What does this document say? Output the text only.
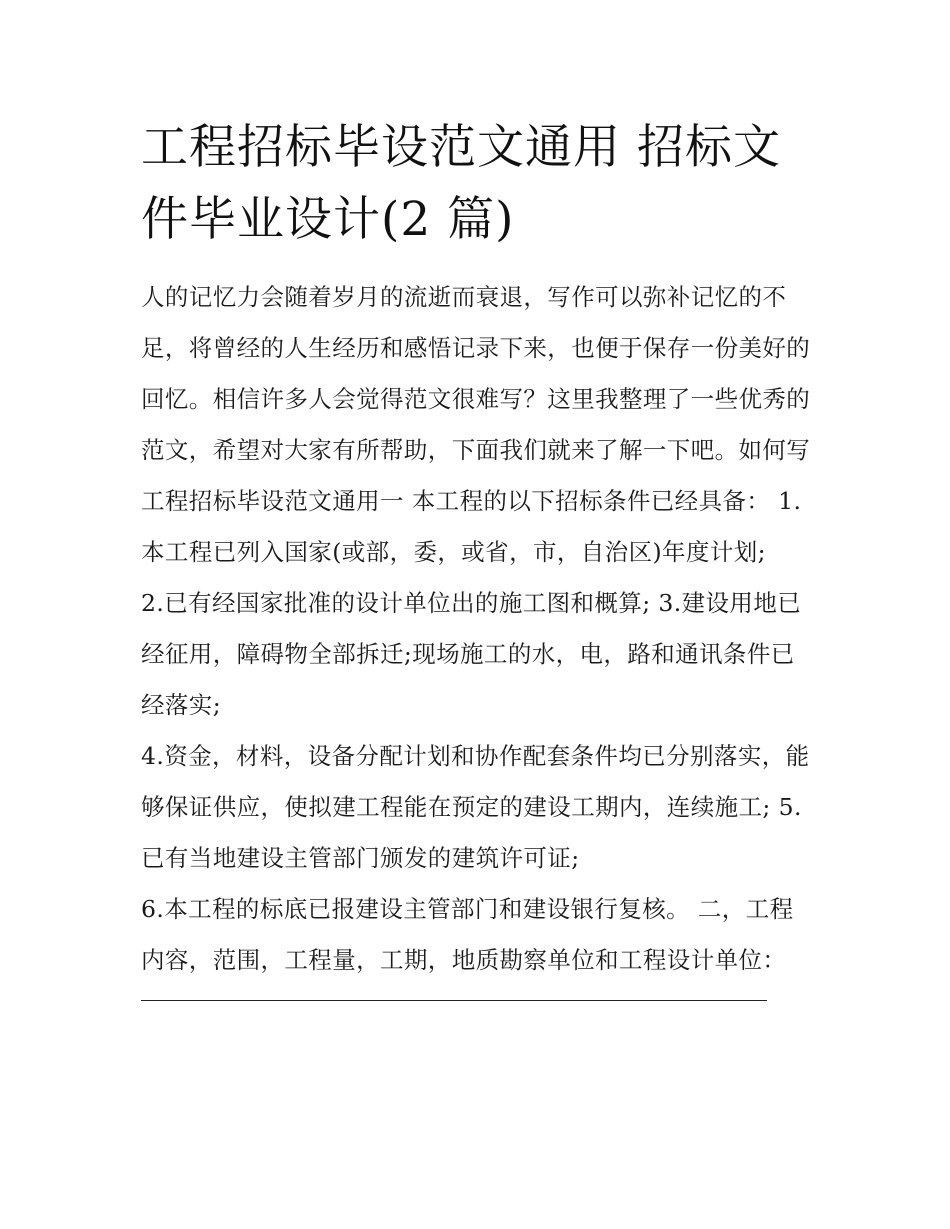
工程招标毕设范文通用 招标文件毕业设计(2 篇)

人的记忆力会随着岁月的流逝而衰退，写作可以弥补记忆的不足，将曾经的人生经历和感悟记录下来，也便于保存一份美好的回忆。相信许多人会觉得范文很难写？这里我整理了一些优秀的范文，希望对大家有所帮助，下面我们就来了解一下吧。如何写工程招标毕设范文通用一 本工程的以下招标条件已经具备： 1.本工程已列入国家(或部，委，或省，市，自治区)年度计划;

2.已有经国家批准的设计单位出的施工图和概算; 3.建设用地已经征用，障碍物全部拆迁;现场施工的水，电，路和通讯条件已经落实;

4.资金，材料，设备分配计划和协作配套条件均已分别落实，能够保证供应，使拟建工程能在预定的建设工期内，连续施工; 5.已有当地建设主管部门颁发的建筑许可证;

6.本工程的标底已报建设主管部门和建设银行复核。 二，工程内容，范围，工程量，工期，地质勘察单位和工程设计单位：
